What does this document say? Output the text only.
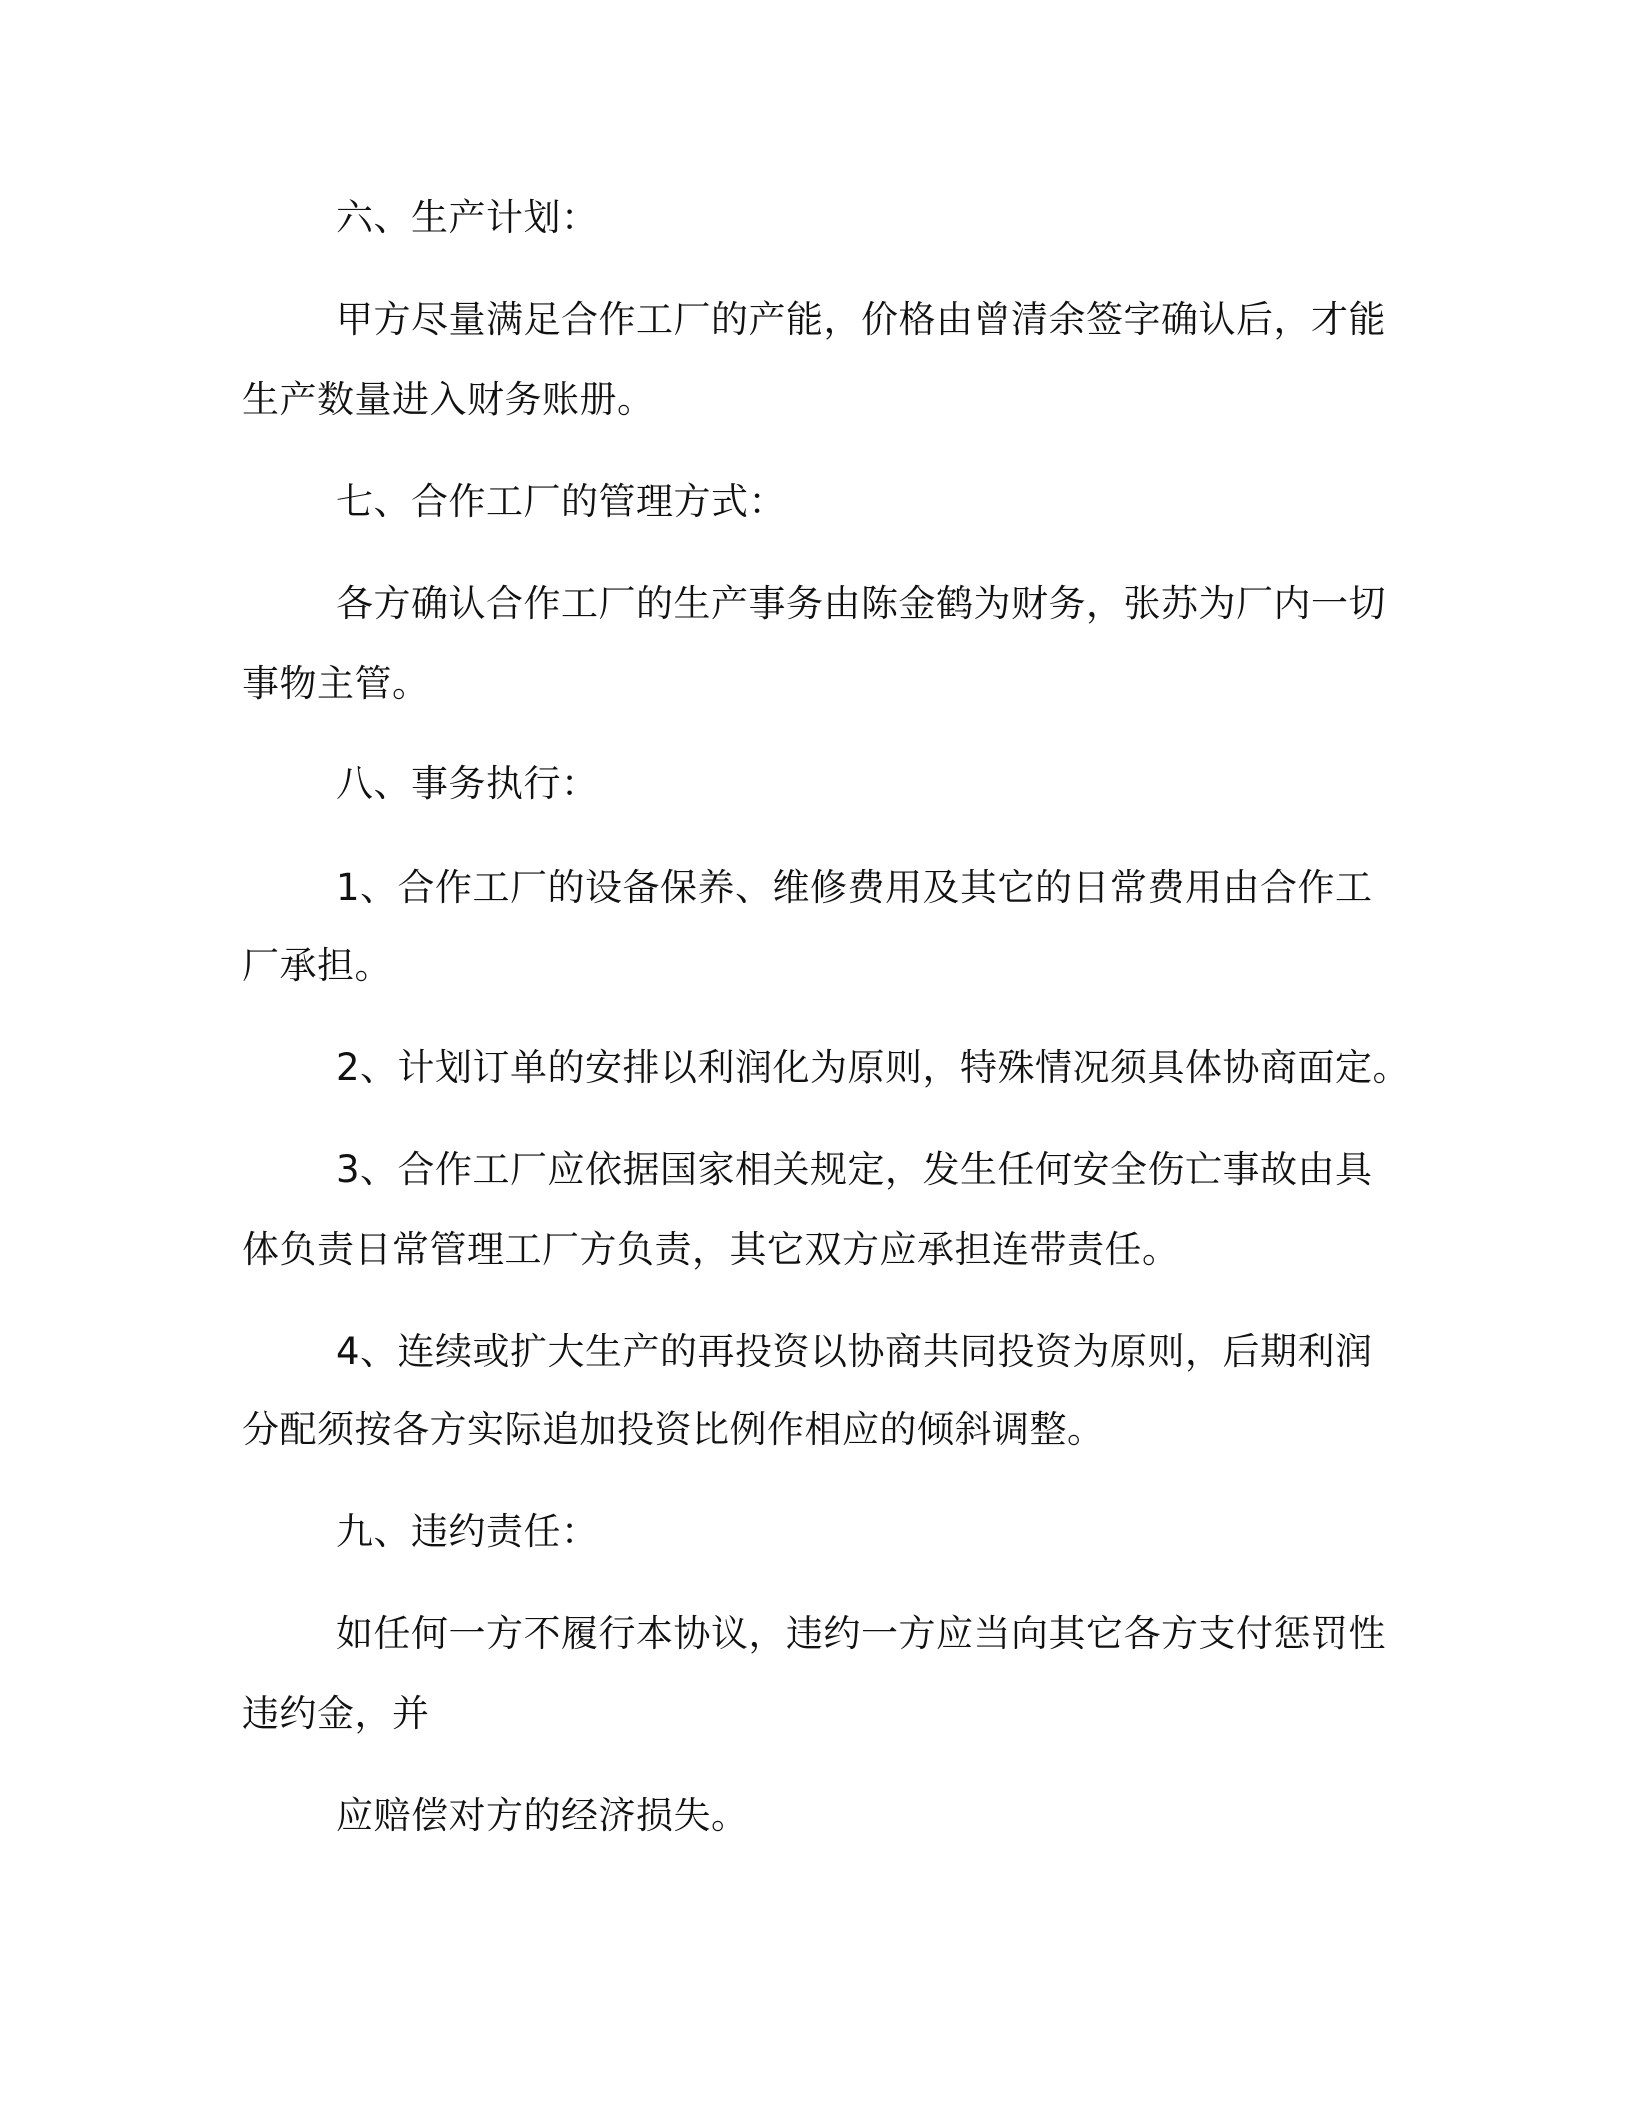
六、生产计划：
甲方尽量满足合作工厂的产能，价格由曾清余签字确认后，才能
生产数量进入财务账册。
七、合作工厂的管理方式：
各方确认合作工厂的生产事务由陈金鹤为财务，张苏为厂内一切
事物主管。
八、事务执行：
1、合作工厂的设备保养、维修费用及其它的日常费用由合作工
厂承担。
2、计划订单的安排以利润化为原则，特殊情况须具体协商面定。
3、合作工厂应依据国家相关规定，发生任何安全伤亡事故由具
体负责日常管理工厂方负责，其它双方应承担连带责任。
4、连续或扩大生产的再投资以协商共同投资为原则，后期利润
分配须按各方实际追加投资比例作相应的倾斜调整。
九、违约责任：
如任何一方不履行本协议，违约一方应当向其它各方支付惩罚性
违约金，并
应赔偿对方的经济损失。
